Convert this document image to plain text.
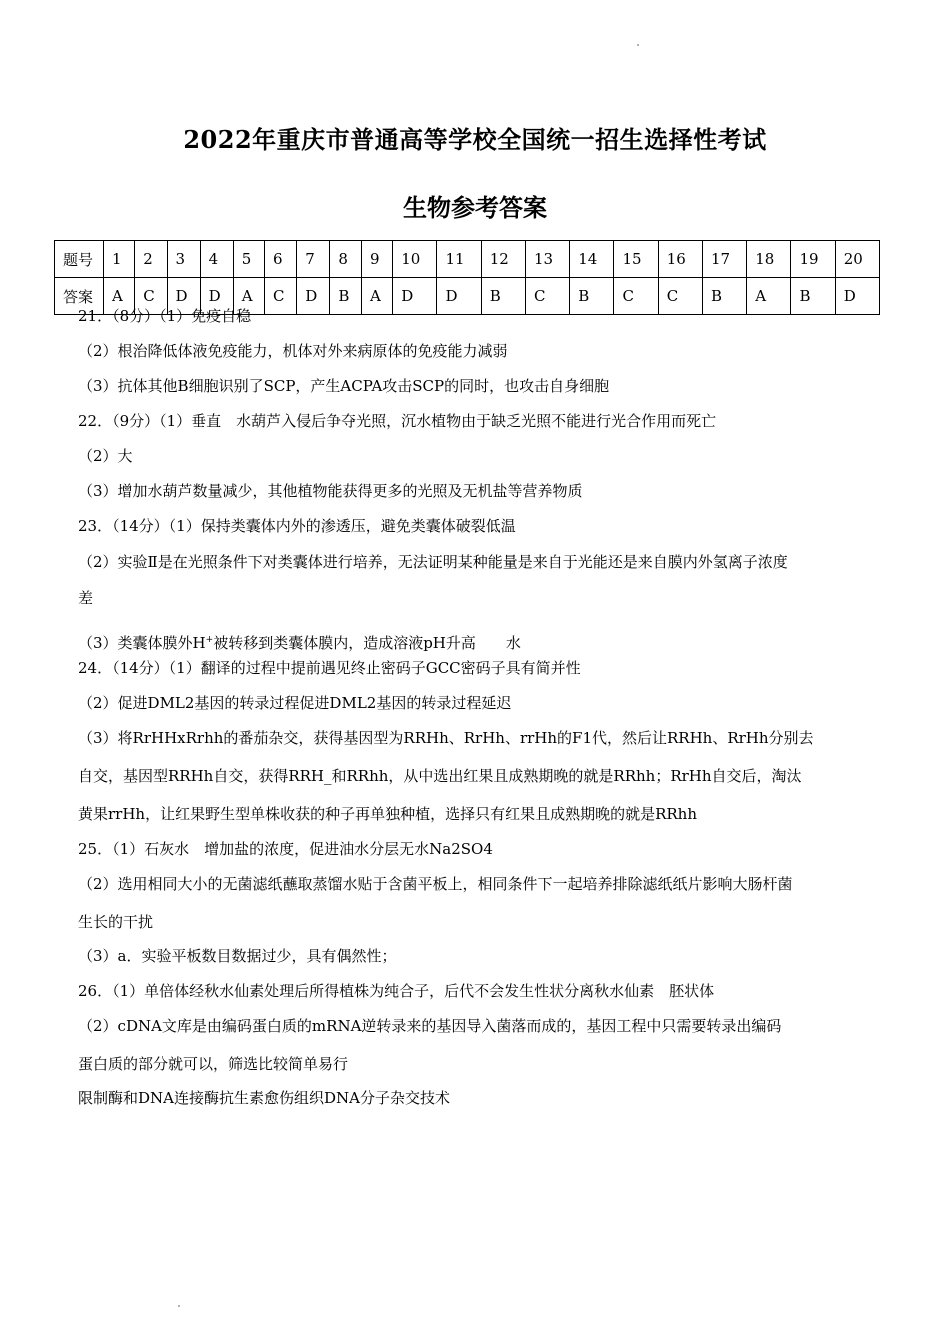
2022年重庆市普通高等学校全国统一招生选择性考试
生物参考答案
题号	1	2	3	4	5	6	7	8	9	10	11	12	13	14	15	16	17	18	19	20
答案	A	C	D	D	A	C	D	B	A	D	D	B	C	B	C	C	B	A	B	D
（3）类囊体膜外H+被转移到类囊体膜内，造成溶液pH升高　　水
21．（8分）（1）免疫自稳
（2）根治降低体液免疫能力，机体对外来病原体的免疫能力减弱
（3）抗体其他B细胞识别了SCP，产生ACPA攻击SCP的同时，也攻击自身细胞
22．（9分）（1）垂直　水葫芦入侵后争夺光照，沉水植物由于缺乏光照不能进行光合作用而死亡
（2）大
（3）增加水葫芦数量减少，其他植物能获得更多的光照及无机盐等营养物质
23．（14分）（1）保持类囊体内外的渗透压，避免类囊体破裂低温
（2）实验Ⅱ是在光照条件下对类囊体进行培养，无法证明某种能量是来自于光能还是来自膜内外氢离子浓度
差
24．（14分）（1）翻译的过程中提前遇见终止密码子GCC密码子具有简并性
（2）促进DML2基因的转录过程促进DML2基因的转录过程延迟
（3）将RrHHxRrhh的番茄杂交，获得基因型为RRHh、RrHh、rrHh的F1代，然后让RRHh、RrHh分别去
自交，基因型RRHh自交，获得RRH_和RRhh，从中选出红果且成熟期晚的就是RRhh；RrHh自交后，淘汰
黄果rrHh，让红果野生型单株收获的种子再单独种植，选择只有红果且成熟期晚的就是RRhh
25．（1）石灰水　增加盐的浓度，促进油水分层无水Na2SO4
（2）选用相同大小的无菌滤纸蘸取蒸馏水贴于含菌平板上，相同条件下一起培养排除滤纸纸片影响大肠杆菌
生长的干扰
（3）a．实验平板数目数据过少，具有偶然性；
26．（1）单倍体经秋水仙素处理后所得植株为纯合子，后代不会发生性状分离秋水仙素　胚状体
（2）cDNA文库是由编码蛋白质的mRNA逆转录来的基因导入菌落而成的，基因工程中只需要转录出编码
蛋白质的部分就可以，筛选比较简单易行
限制酶和DNA连接酶抗生素愈伤组织DNA分子杂交技术
